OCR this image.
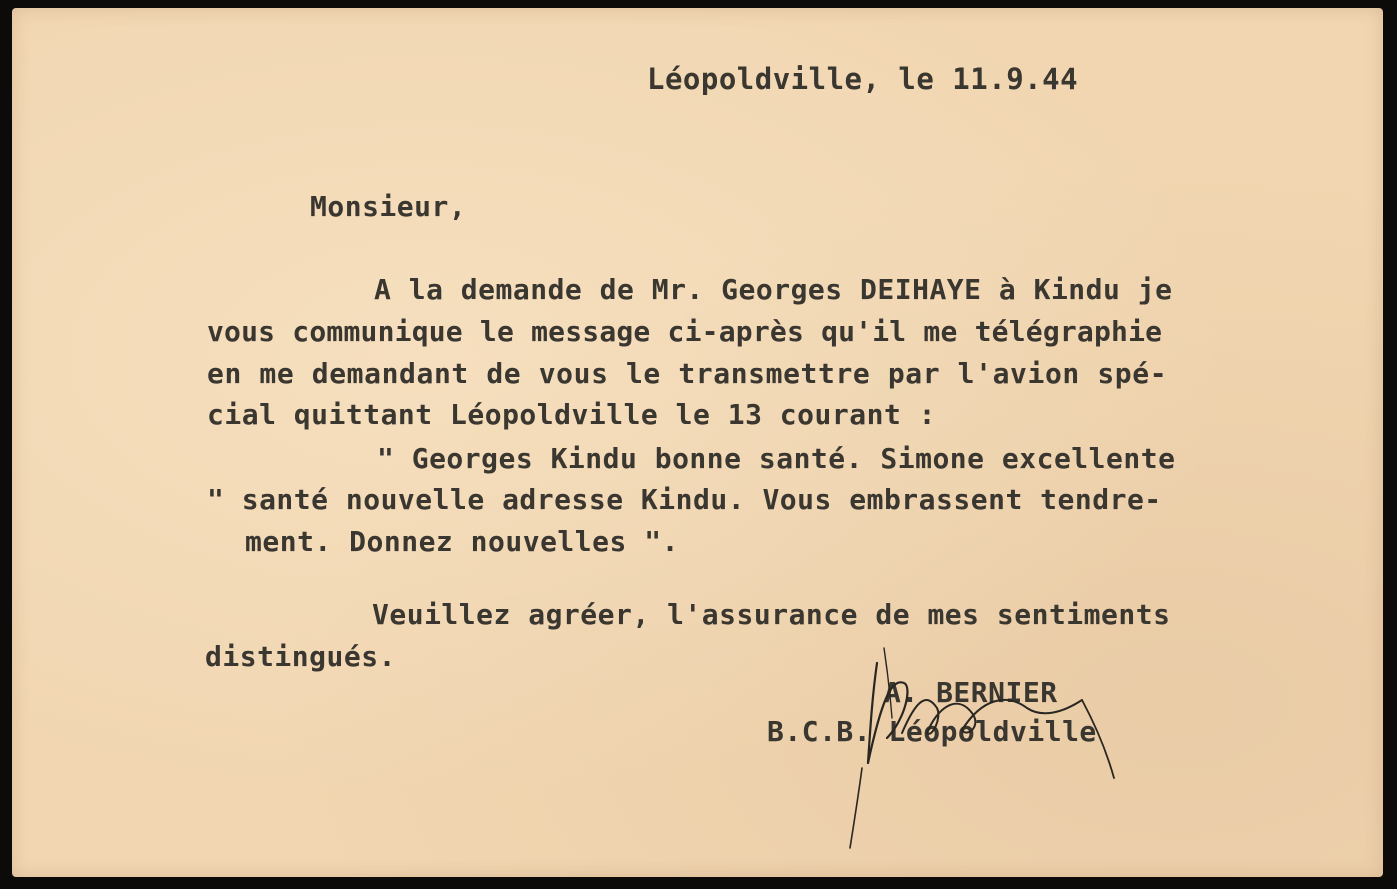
Léopoldville, le 11.9.44

Monsieur,

A la demande de Mr. Georges DEIHAYE à Kindu je

vous communique le message ci-après qu'il me télégraphie

en me demandant de vous le transmettre par l'avion spé-

cial quittant Léopoldville le 13 courant :

" Georges Kindu bonne santé. Simone excellente

" santé nouvelle adresse Kindu. Vous embrassent tendre-

ment. Donnez nouvelles ".

Veuillez agréer, l'assurance de mes sentiments

distingués.

A. BERNIER

B.C.B. Léopoldville
